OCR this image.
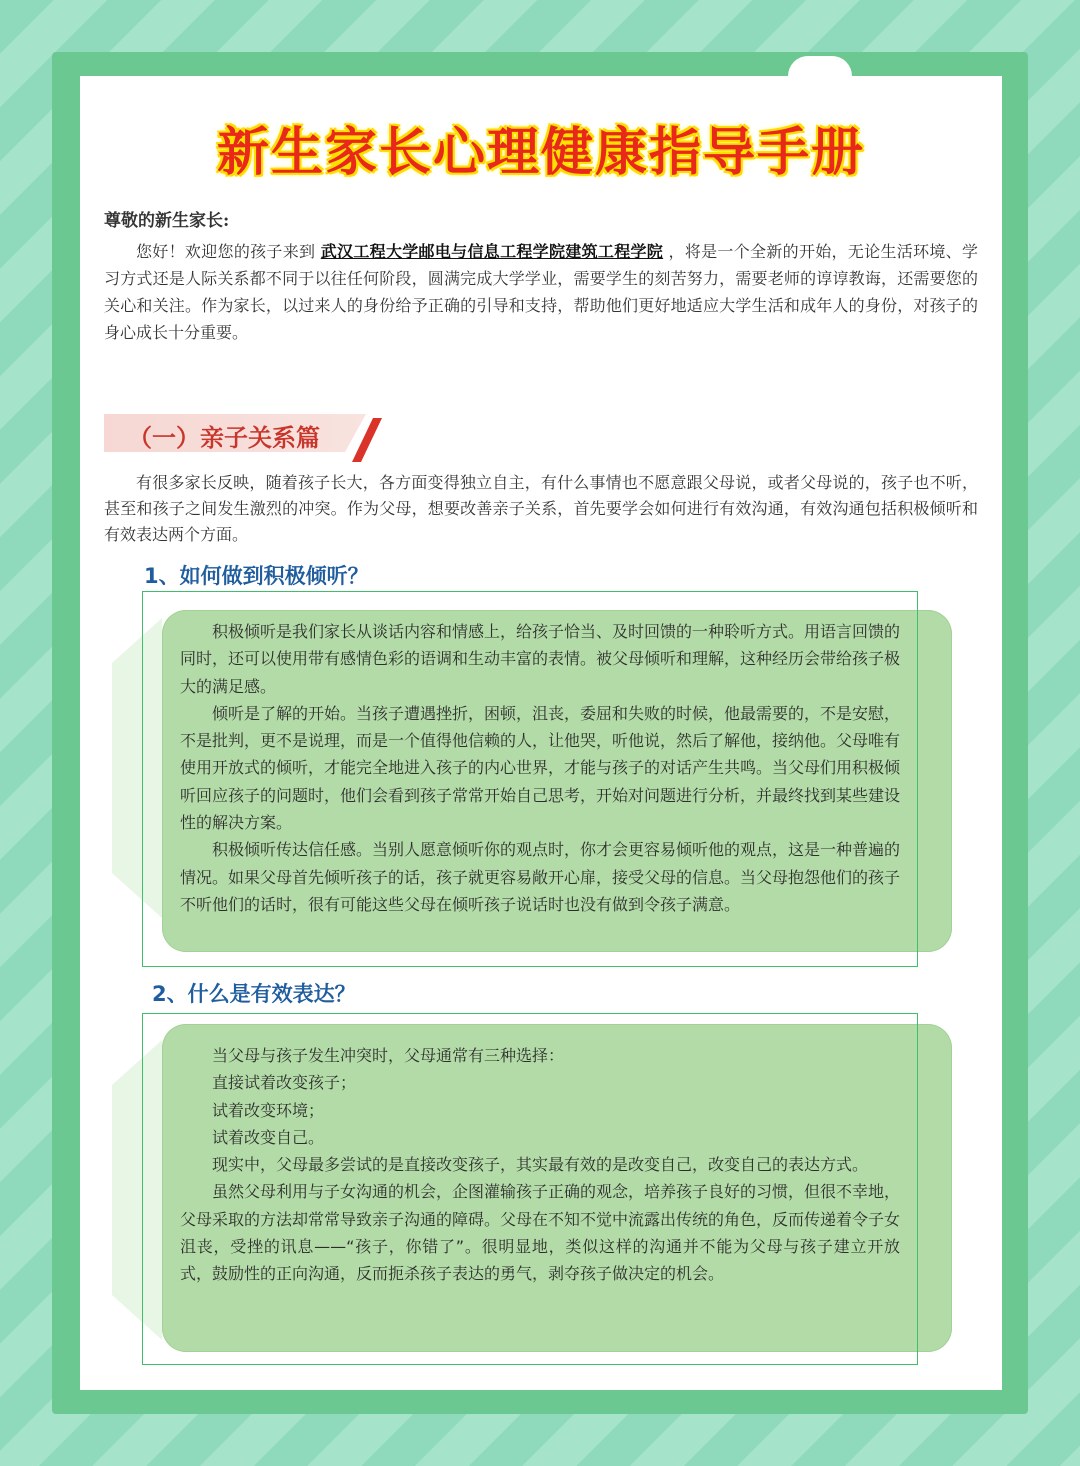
新生家长心理健康指导手册

尊敬的新生家长:

您好！欢迎您的孩子来到 武汉工程大学邮电与信息工程学院建筑工程学院 ，将是一个全新的开始，无论生活环境、学习方式还是人际关系都不同于以往任何阶段，圆满完成大学学业，需要学生的刻苦努力，需要老师的谆谆教诲，还需要您的关心和关注。作为家长，以过来人的身份给予正确的引导和支持，帮助他们更好地适应大学生活和成年人的身份，对孩子的身心成长十分重要。

（一）亲子关系篇

有很多家长反映，随着孩子长大，各方面变得独立自主，有什么事情也不愿意跟父母说，或者父母说的，孩子也不听，甚至和孩子之间发生激烈的冲突。作为父母，想要改善亲子关系，首先要学会如何进行有效沟通，有效沟通包括积极倾听和有效表达两个方面。

1、如何做到积极倾听？

积极倾听是我们家长从谈话内容和情感上，给孩子恰当、及时回馈的一种聆听方式。用语言回馈的同时，还可以使用带有感情色彩的语调和生动丰富的表情。被父母倾听和理解，这种经历会带给孩子极大的满足感。

倾听是了解的开始。当孩子遭遇挫折，困顿，沮丧，委屈和失败的时候，他最需要的，不是安慰，不是批判，更不是说理，而是一个值得他信赖的人，让他哭，听他说，然后了解他，接纳他。父母唯有使用开放式的倾听，才能完全地进入孩子的内心世界，才能与孩子的对话产生共鸣。当父母们用积极倾听回应孩子的问题时，他们会看到孩子常常开始自己思考，开始对问题进行分析，并最终找到某些建设性的解决方案。

积极倾听传达信任感。当别人愿意倾听你的观点时，你才会更容易倾听他的观点，这是一种普遍的情况。如果父母首先倾听孩子的话，孩子就更容易敞开心扉，接受父母的信息。当父母抱怨他们的孩子不听他们的话时，很有可能这些父母在倾听孩子说话时也没有做到令孩子满意。

2、什么是有效表达？

当父母与孩子发生冲突时，父母通常有三种选择：

直接试着改变孩子；

试着改变环境；

试着改变自己。

现实中，父母最多尝试的是直接改变孩子，其实最有效的是改变自己，改变自己的表达方式。

虽然父母利用与子女沟通的机会，企图灌输孩子正确的观念，培养孩子良好的习惯，但很不幸地，父母采取的方法却常常导致亲子沟通的障碍。父母在不知不觉中流露出传统的角色，反而传递着令子女沮丧，受挫的讯息——“孩子，你错了”。很明显地，类似这样的沟通并不能为父母与孩子建立开放式，鼓励性的正向沟通，反而扼杀孩子表达的勇气，剥夺孩子做决定的机会。
